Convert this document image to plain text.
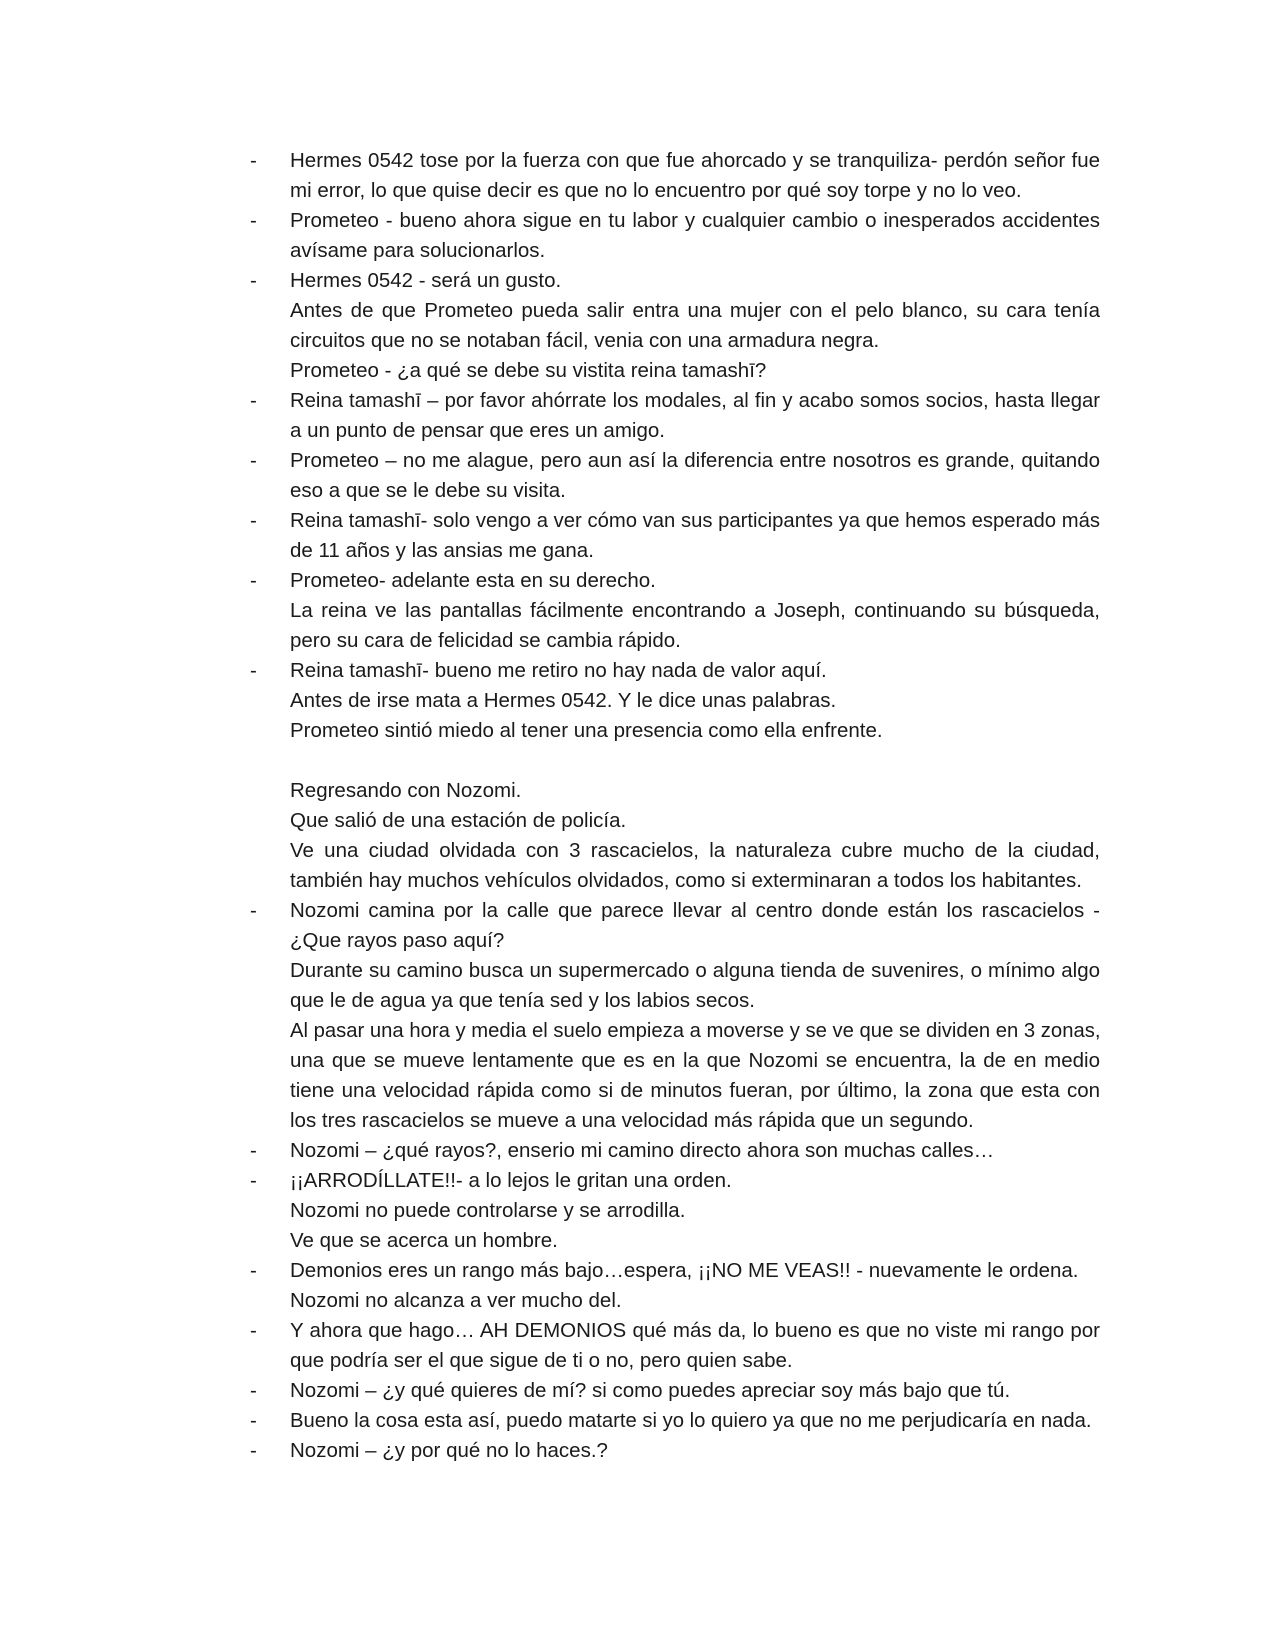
-
Hermes 0542 tose por la fuerza con que fue ahorcado y se tranquiliza- perdón señor fue
mi error, lo que quise decir es que no lo encuentro por qué soy torpe y no lo veo.
-
Prometeo - bueno ahora sigue en tu labor y cualquier cambio o inesperados accidentes
avísame para solucionarlos.
-
Hermes 0542 - será un gusto.
Antes de que Prometeo pueda salir entra una mujer con el pelo blanco, su cara tenía
circuitos que no se notaban fácil, venia con una armadura negra.
Prometeo - ¿a qué se debe su vistita reina tamashī?
-
Reina tamashī – por favor ahórrate los modales, al fin y acabo somos socios, hasta llegar
a un punto de pensar que eres un amigo.
-
Prometeo – no me alague, pero aun así la diferencia entre nosotros es grande, quitando
eso a que se le debe su visita.
-
Reina tamashī- solo vengo a ver cómo van sus participantes ya que hemos esperado más
de 11 años y las ansias me gana.
-
Prometeo- adelante esta en su derecho.
La reina ve las pantallas fácilmente encontrando a Joseph, continuando su búsqueda,
pero su cara de felicidad se cambia rápido.
-
Reina tamashī- bueno me retiro no hay nada de valor aquí.
Antes de irse mata a Hermes 0542. Y le dice unas palabras.
Prometeo sintió miedo al tener una presencia como ella enfrente.
Regresando con Nozomi.
Que salió de una estación de policía.
Ve una ciudad olvidada con 3 rascacielos, la naturaleza cubre mucho de la ciudad,
también hay muchos vehículos olvidados, como si exterminaran a todos los habitantes.
-
Nozomi camina por la calle que parece llevar al centro donde están los rascacielos -
¿Que rayos paso aquí?
Durante su camino busca un supermercado o alguna tienda de suvenires, o mínimo algo
que le de agua ya que tenía sed y los labios secos.
Al pasar una hora y media el suelo empieza a moverse y se ve que se dividen en 3 zonas,
una que se mueve lentamente que es en la que Nozomi se encuentra, la de en medio
tiene una velocidad rápida como si de minutos fueran, por último, la zona que esta con
los tres rascacielos se mueve a una velocidad más rápida que un segundo.
-
Nozomi – ¿qué rayos?, enserio mi camino directo ahora son muchas calles…
-
¡¡ARRODÍLLATE!!- a lo lejos le gritan una orden.
Nozomi no puede controlarse y se arrodilla.
Ve que se acerca un hombre.
-
Demonios eres un rango más bajo…espera, ¡¡NO ME VEAS!! - nuevamente le ordena.
Nozomi no alcanza a ver mucho del.
-
Y ahora que hago… AH DEMONIOS qué más da, lo bueno es que no viste mi rango por
que podría ser el que sigue de ti o no, pero quien sabe.
-
Nozomi – ¿y qué quieres de mí? si como puedes apreciar soy más bajo que tú.
-
Bueno la cosa esta así, puedo matarte si yo lo quiero ya que no me perjudicaría en nada.
-
Nozomi – ¿y por qué no lo haces.?
